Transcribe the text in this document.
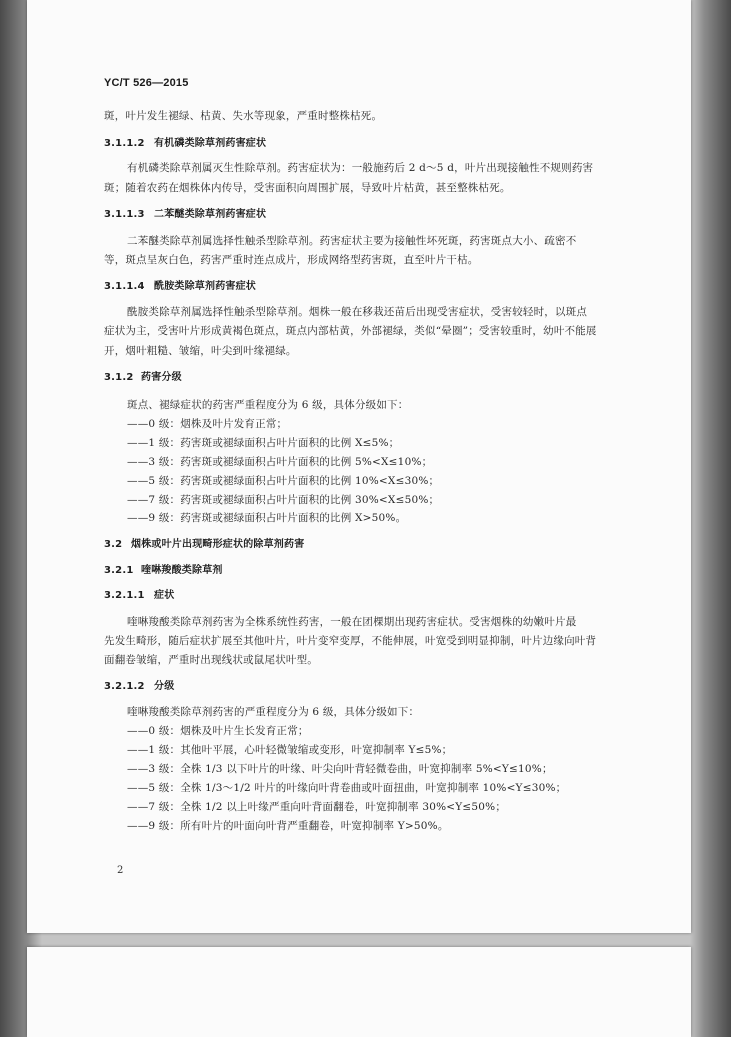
YC/T 526—2015
斑，叶片发生褪绿、枯黄、失水等现象，严重时整株枯死。
3.1.1.2 有机磷类除草剂药害症状
有机磷类除草剂属灭生性除草剂。药害症状为：一般施药后 2 d～5 d，叶片出现接触性不规则药害
斑；随着农药在烟株体内传导，受害面积向周围扩展，导致叶片枯黄，甚至整株枯死。
3.1.1.3 二苯醚类除草剂药害症状
二苯醚类除草剂属选择性触杀型除草剂。药害症状主要为接触性坏死斑，药害斑点大小、疏密不
等，斑点呈灰白色，药害严重时连点成片，形成网络型药害斑，直至叶片干枯。
3.1.1.4 酰胺类除草剂药害症状
酰胺类除草剂属选择性触杀型除草剂。烟株一般在移栽还苗后出现受害症状，受害较轻时，以斑点
症状为主，受害叶片形成黄褐色斑点，斑点内部枯黄，外部褪绿，类似“晕圈”；受害较重时，幼叶不能展
开，烟叶粗糙、皱缩，叶尖到叶缘褪绿。
3.1.2 药害分级
斑点、褪绿症状的药害严重程度分为 6 级，具体分级如下：
——0 级：烟株及叶片发育正常；
——1 级：药害斑或褪绿面积占叶片面积的比例 X≤5%；
——3 级：药害斑或褪绿面积占叶片面积的比例 5%<X≤10%；
——5 级：药害斑或褪绿面积占叶片面积的比例 10%<X≤30%；
——7 级：药害斑或褪绿面积占叶片面积的比例 30%<X≤50%；
——9 级：药害斑或褪绿面积占叶片面积的比例 X>50%。
3.2 烟株或叶片出现畸形症状的除草剂药害
3.2.1 喹啉羧酸类除草剂
3.2.1.1 症状
喹啉羧酸类除草剂药害为全株系统性药害，一般在团棵期出现药害症状。受害烟株的幼嫩叶片最
先发生畸形，随后症状扩展至其他叶片，叶片变窄变厚，不能伸展，叶宽受到明显抑制，叶片边缘向叶背
面翻卷皱缩，严重时出现线状或鼠尾状叶型。
3.2.1.2 分级
喹啉羧酸类除草剂药害的严重程度分为 6 级，具体分级如下：
——0 级：烟株及叶片生长发育正常；
——1 级：其他叶平展，心叶轻微皱缩或变形，叶宽抑制率 Y≤5%；
——3 级：全株 1/3 以下叶片的叶缘、叶尖向叶背轻微卷曲，叶宽抑制率 5%<Y≤10%；
——5 级：全株 1/3～1/2 叶片的叶缘向叶背卷曲或叶面扭曲，叶宽抑制率 10%<Y≤30%；
——7 级：全株 1/2 以上叶缘严重向叶背面翻卷，叶宽抑制率 30%<Y≤50%；
——9 级：所有叶片的叶面向叶背严重翻卷，叶宽抑制率 Y>50%。
2
